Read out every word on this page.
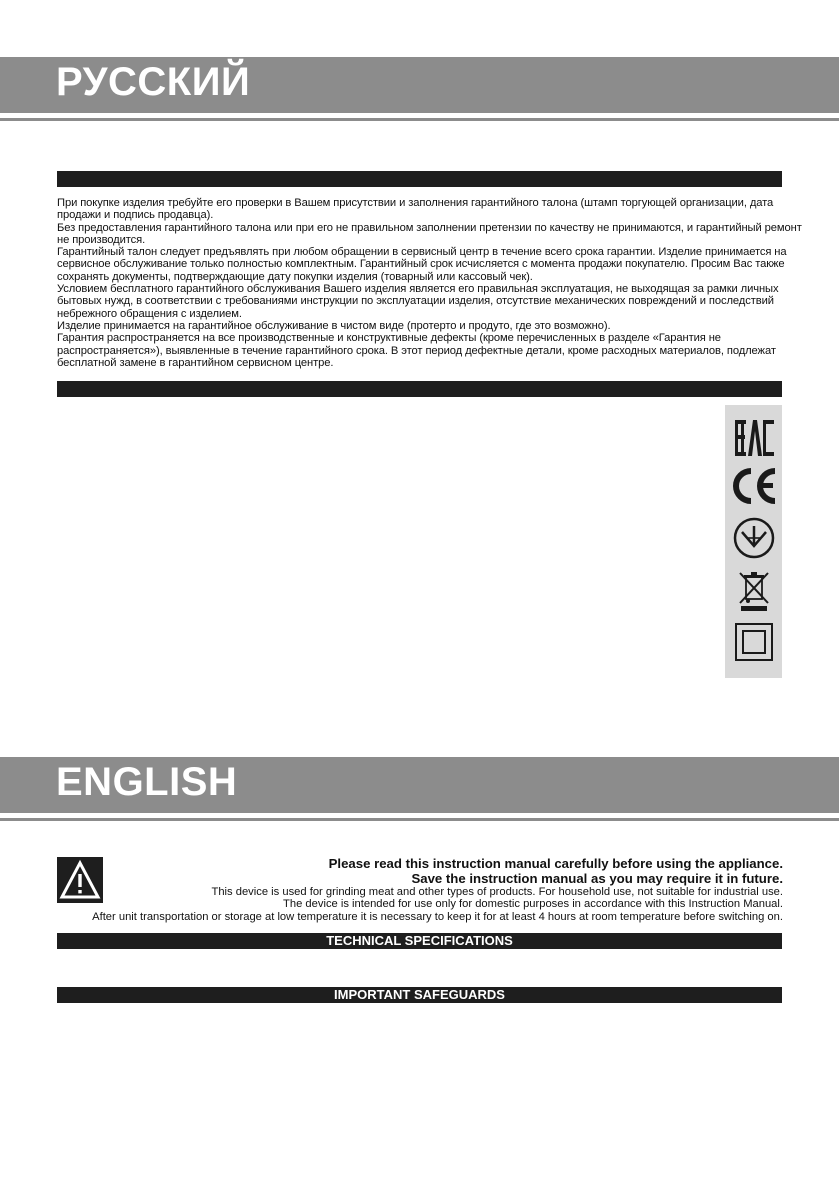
РУССКИЙ

При покупке изделия требуйте его проверки в Вашем присутствии и заполнения гарантийного талона (штамп торгующей организации, дата продажи и подпись продавца).

Без предоставления гарантийного талона или при его не правильном заполнении претензии по качеству не принимаются, и гарантийный ремонт не производится.

Гарантийный талон следует предъявлять при любом обращении в сервисный центр в течение всего срока гарантии. Изделие принимается на сервисное обслуживание только полностью комплектным. Гарантийный срок исчисляется с момента продажи покупателю. Просим Вас также сохранять документы, подтверждающие дату покупки изделия (товарный или кассовый чек).

Условием бесплатного гарантийного обслуживания Вашего изделия является его правильная эксплуатация, не выходящая за рамки личных бытовых нужд, в соответствии с требованиями инструкции по эксплуатации изделия, отсутствие механических повреждений и последствий небрежного обращения с изделием.

Изделие принимается на гарантийное обслуживание в чистом виде (протерто и продуто, где это возможно).

Гарантия распространяется на все производственные и конструктивные дефекты (кроме перечисленных в разделе «Гарантия не распространяется»), выявленные в течение гарантийного срока. В этот период дефектные детали, кроме расходных материалов, подлежат бесплатной замене в гарантийном сервисном центре.

ENGLISH

Please read this instruction manual carefully before using the appliance.

Save the instruction manual as you may require it in future.

This device is used for grinding meat and other types of products. For household use, not suitable for industrial use.

The device is intended for use only for domestic purposes in accordance with this Instruction Manual.

After unit transportation or storage at low temperature it is necessary to keep it for at least 4 hours at room temperature before switching on.

TECHNICAL SPECIFICATIONS
IMPORTANT SAFEGUARDS
